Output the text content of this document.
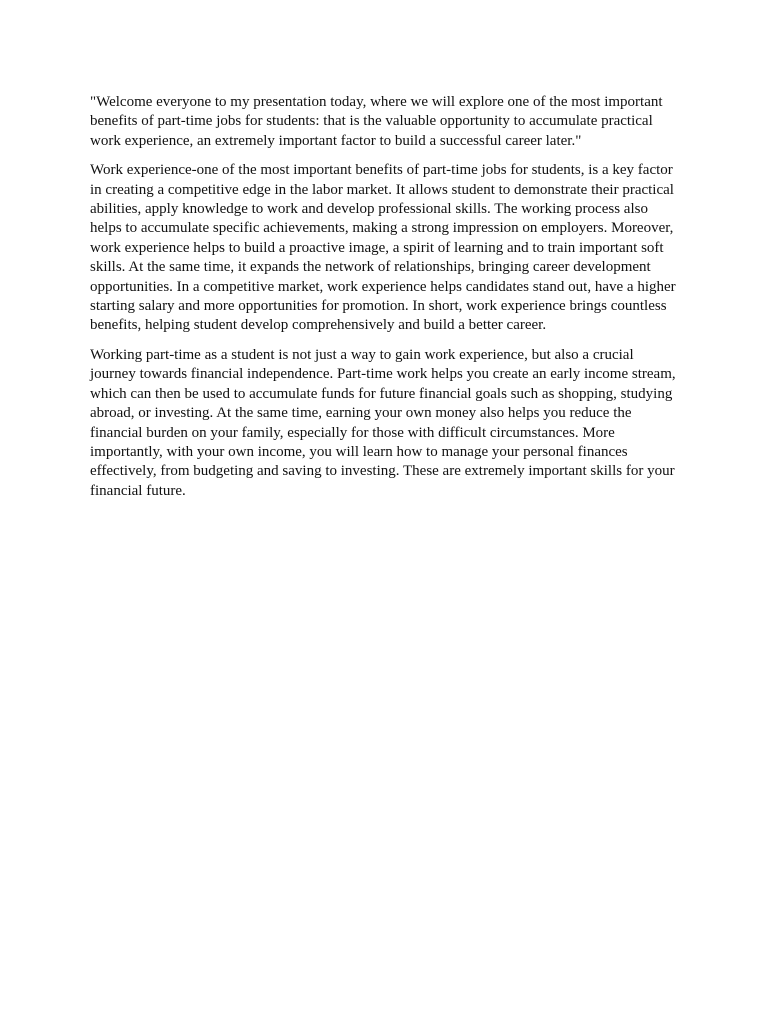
"Welcome everyone to my presentation today, where we will explore one of the most important benefits of part-time jobs for students: that is the valuable opportunity to accumulate practical work experience, an extremely important factor to build a successful career later."

Work experience-one of the most important benefits of part-time jobs for students, is a key factor in creating a competitive edge in the labor market. It allows student to demonstrate their practical abilities, apply knowledge to work and develop professional skills. The working process also helps to accumulate specific achievements, making a strong impression on employers. Moreover, work experience helps to build a proactive image, a spirit of learning and to train important soft skills. At the same time, it expands the network of relationships, bringing career development opportunities. In a competitive market, work experience helps candidates stand out, have a higher starting salary and more opportunities for promotion. In short, work experience brings countless benefits, helping student develop comprehensively and build a better career.

Working part-time as a student is not just a way to gain work experience, but also a crucial journey towards financial independence. Part-time work helps you create an early income stream, which can then be used to accumulate funds for future financial goals such as shopping, studying abroad, or investing. At the same time, earning your own money also helps you reduce the financial burden on your family, especially for those with difficult circumstances. More importantly, with your own income, you will learn how to manage your personal finances effectively, from budgeting and saving to investing. These are extremely important skills for your financial future.
